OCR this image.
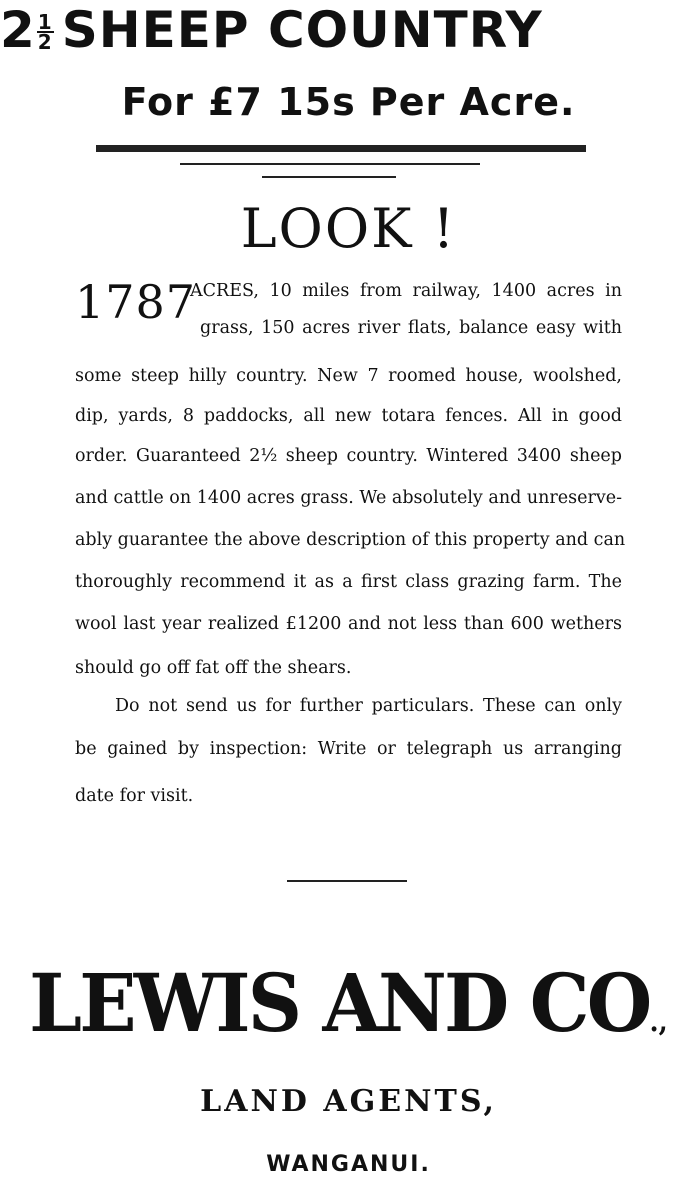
$2 \frac{1}{2}$ SHEEP COUNTRY
For £7 15s Per Acre.
LOOK !
1787
ACRES, 10 miles from railway, 1400 acres in
grass, 150 acres river flats, balance easy with
some steep hilly country. New 7 roomed house, woolshed,
dip, yards, 8 paddocks, all new totara fences. All in good
order. Guaranteed 2½ sheep country. Wintered 3400 sheep
and cattle on 1400 acres grass. We absolutely and unreserve-
ably guarantee the above description of this property and can
thoroughly recommend it as a first class grazing farm. The
wool last year realized £1200 and not less than 600 wethers
should go off fat off the shears.
Do not send us for further particulars. These can only
be gained by inspection: Write or telegraph us arranging
date for visit.
LEWIS AND CO.,
LAND AGENTS,
WANGANUI.
